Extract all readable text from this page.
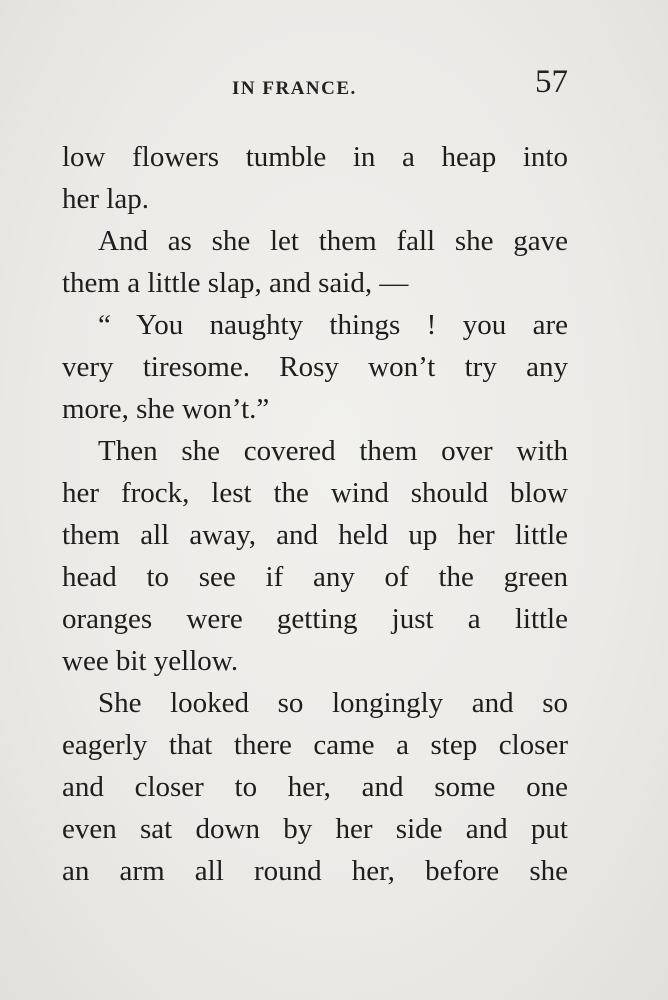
IN FRANCE.	57
low flowers tumble in a heap into
her lap.
And as she let them fall she gave
them a little slap, and said, —
“ You naughty things ! you are
very tiresome. Rosy won’t try any
more, she won’t.”
Then she covered them over with
her frock, lest the wind should blow
them all away, and held up her little
head to see if any of the green
oranges were getting just a little
wee bit yellow.
She looked so longingly and so
eagerly that there came a step closer
and closer to her, and some one
even sat down by her side and put
an arm all round her, before she
